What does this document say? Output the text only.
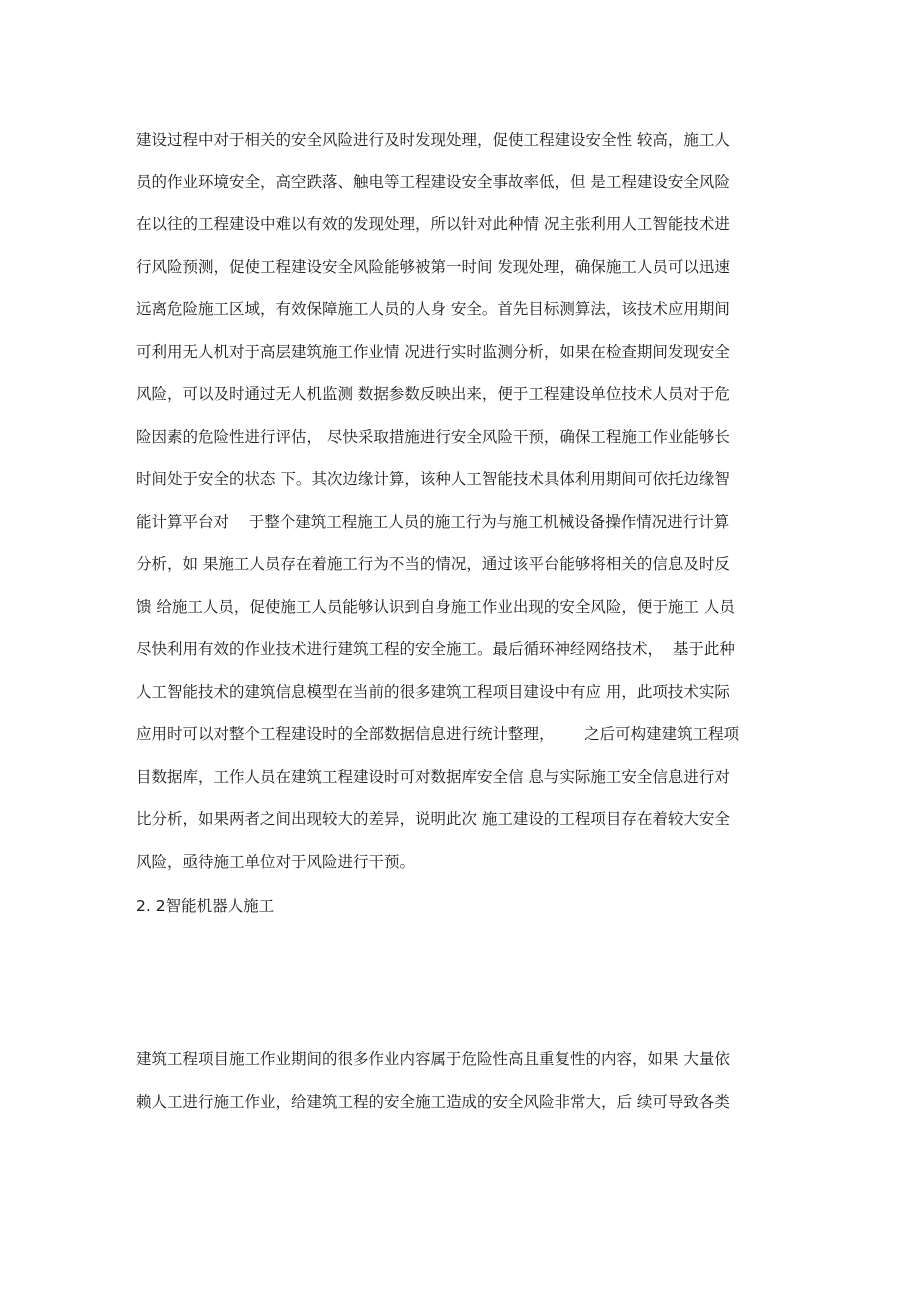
建设过程中对于相关的安全风险进行及时发现处理，促使工程建设安全性 较高，施工人
员的作业环境安全，高空跌落、触电等工程建设安全事故率低，但 是工程建设安全风险
在以往的工程建设中难以有效的发现处理，所以针对此种情 况主张利用人工智能技术进
行风险预测，促使工程建设安全风险能够被第一时间 发现处理，确保施工人员可以迅速
远离危险施工区域，有效保障施工人员的人身 安全。首先目标测算法，该技术应用期间
可利用无人机对于高层建筑施工作业情 况进行实时监测分析，如果在检查期间发现安全
风险，可以及时通过无人机监测 数据参数反映出来，便于工程建设单位技术人员对于危
险因素的危险性进行评估， 尽快采取措施进行安全风险干预，确保工程施工作业能够长
时间处于安全的状态 下。其次边缘计算，该种人工智能技术具体利用期间可依托边缘智
能计算平台对    于整个建筑工程施工人员的施工行为与施工机械设备操作情况进行计算
分析，如 果施工人员存在着施工行为不当的情况，通过该平台能够将相关的信息及时反
馈 给施工人员，促使施工人员能够认识到自身施工作业出现的安全风险，便于施工 人员
尽快利用有效的作业技术进行建筑工程的安全施工。最后循环神经网络技术，  基于此种
人工智能技术的建筑信息模型在当前的很多建筑工程项目建设中有应 用，此项技术实际
应用时可以对整个工程建设时的全部数据信息进行统计整理，      之后可构建建筑工程项
目数据库，工作人员在建筑工程建设时可对数据库安全信 息与实际施工安全信息进行对
比分析，如果两者之间出现较大的差异，说明此次 施工建设的工程项目存在着较大安全
风险，亟待施工单位对于风险进行干预。
2. 2智能机器人施工
建筑工程项目施工作业期间的很多作业内容属于危险性高且重复性的内容，如果 大量依
赖人工进行施工作业，给建筑工程的安全施工造成的安全风险非常大，后 续可导致各类
